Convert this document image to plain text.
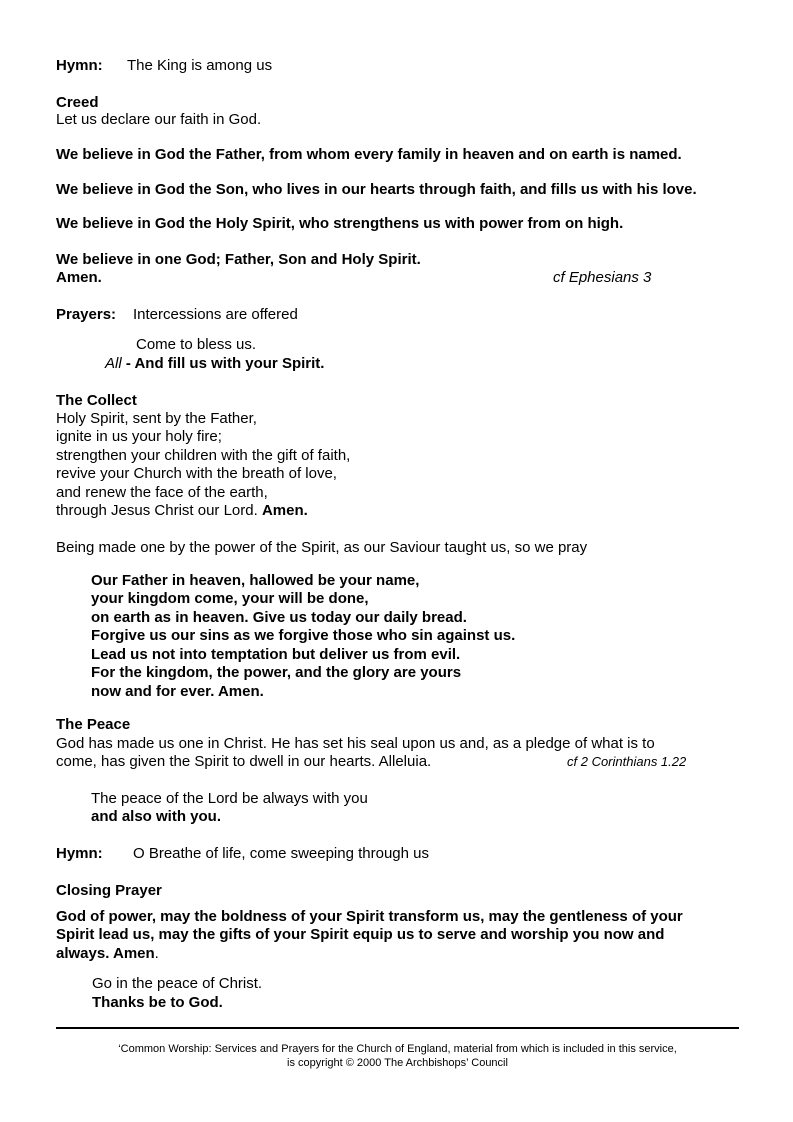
Hymn: The King is among us
Creed
Let us declare our faith in God.
We believe in God the Father, from whom every family in heaven and on earth is named.
We believe in God the Son, who lives in our hearts through faith, and fills us with his love.
We believe in God the Holy Spirit, who strengthens us with power from on high.
We believe in one God; Father, Son and Holy Spirit.
Amen.	cf Ephesians 3
Prayers: Intercessions are offered
Come to bless us.
All - And fill us with your Spirit.
The Collect
Holy Spirit, sent by the Father,
ignite in us your holy fire;
strengthen your children with the gift of faith,
revive your Church with the breath of love,
and renew the face of the earth,
through Jesus Christ our Lord. Amen.
Being made one by the power of the Spirit, as our Saviour taught us, so we pray
Our Father in heaven, hallowed be your name,
your kingdom come, your will be done,
on earth as in heaven. Give us today our daily bread.
Forgive us our sins as we forgive those who sin against us.
Lead us not into temptation but deliver us from evil.
For the kingdom, the power, and the glory are yours
now and for ever. Amen.
The Peace
God has made us one in Christ. He has set his seal upon us and, as a pledge of what is to
come, has given the Spirit to dwell in our hearts. Alleluia.	cf 2 Corinthians 1.22
The peace of the Lord be always with you
and also with you.
Hymn: O Breathe of life, come sweeping through us
Closing Prayer
God of power, may the boldness of your Spirit transform us, may the gentleness of your
Spirit lead us, may the gifts of your Spirit equip us to serve and worship you now and
always. Amen.
Go in the peace of Christ.
Thanks be to God.
‘Common Worship: Services and Prayers for the Church of England, material from which is included in this service,
is copyright © 2000 The Archbishops’ Council
